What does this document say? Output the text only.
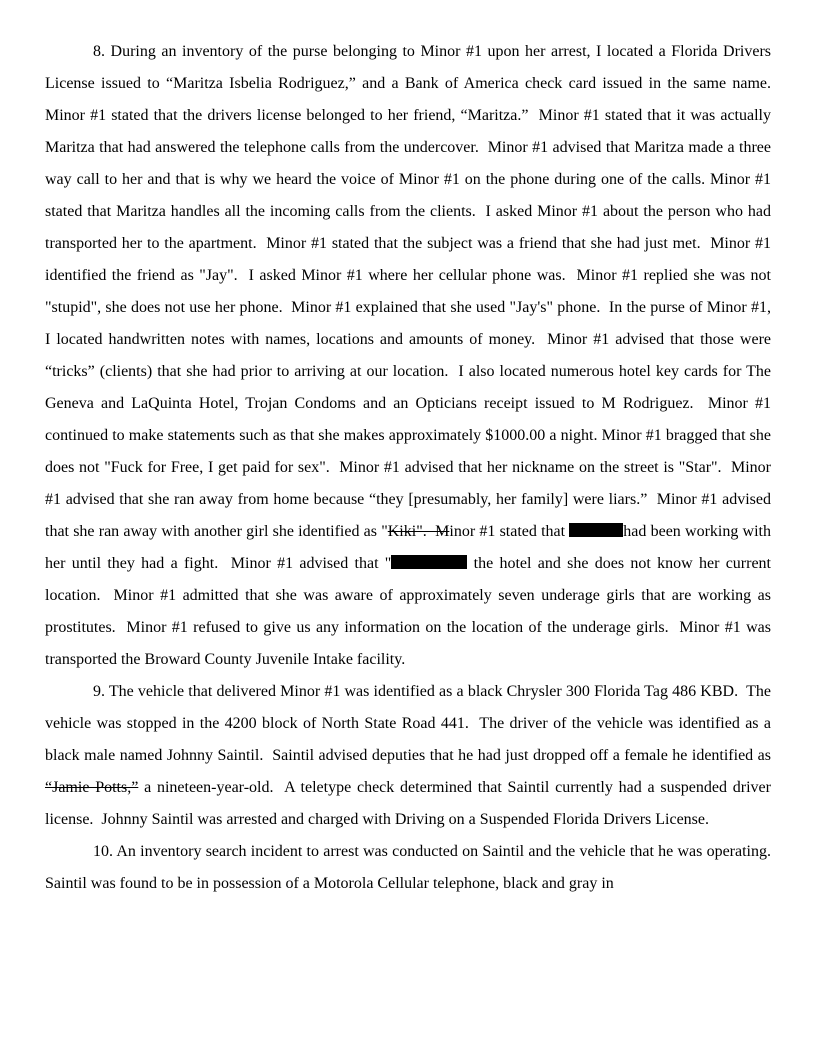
8. During an inventory of the purse belonging to Minor #1 upon her arrest, I located a Florida Drivers License issued to “Maritza Isbelia Rodriguez,” and a Bank of America check card issued in the same name.  Minor #1 stated that the drivers license belonged to her friend, “Maritza.”  Minor #1 stated that it was actually Maritza that had answered the telephone calls from the undercover.  Minor #1 advised that Maritza made a three way call to her and that is why we heard the voice of Minor #1 on the phone during one of the calls. Minor #1 stated that Maritza handles all the incoming calls from the clients.  I asked Minor #1 about the person who had transported her to the apartment.  Minor #1 stated that the subject was a friend that she had just met.  Minor #1 identified the friend as "Jay".  I asked Minor #1 where her cellular phone was.  Minor #1 replied she was not "stupid", she does not use her phone.  Minor #1 explained that she used "Jay's" phone.  In the purse of Minor #1, I located handwritten notes with names, locations and amounts of money.  Minor #1 advised that those were “tricks” (clients) that she had prior to arriving at our location.  I also located numerous hotel key cards for The Geneva and LaQuinta Hotel, Trojan Condoms and an Opticians receipt issued to M Rodriguez.  Minor #1 continued to make statements such as that she makes approximately $1000.00 a night. Minor #1 bragged that she does not "Fuck for Free, I get paid for sex".  Minor #1 advised that her nickname on the street is "Star".  Minor #1 advised that she ran away from home because “they [presumably, her family] were liars.”  Minor #1 advised that she ran away with another girl she identified as "Kiki".  Minor #1 stated that	had been working with her until they had a fight.  Minor #1 advised that "	the hotel and she does not know her current location.  Minor #1 admitted that she was aware of approximately seven underage girls that are working as prostitutes.  Minor #1 refused to give us any information on the location of the underage girls.  Minor #1 was transported the Broward County Juvenile Intake facility.

9. The vehicle that delivered Minor #1 was identified as a black Chrysler 300 Florida Tag 486 KBD.  The vehicle was stopped in the 4200 block of North State Road 441.  The driver of the vehicle was identified as a black male named Johnny Saintil.  Saintil advised deputies that he had just dropped off a female he identified as “Jamie Potts,” a nineteen-year-old.  A teletype check determined that Saintil currently had a suspended driver license.  Johnny Saintil was arrested and charged with Driving on a Suspended Florida Drivers License.

10. An inventory search incident to arrest was conducted on Saintil and the vehicle that he was operating.  Saintil was found to be in possession of a Motorola Cellular telephone, black and gray in
